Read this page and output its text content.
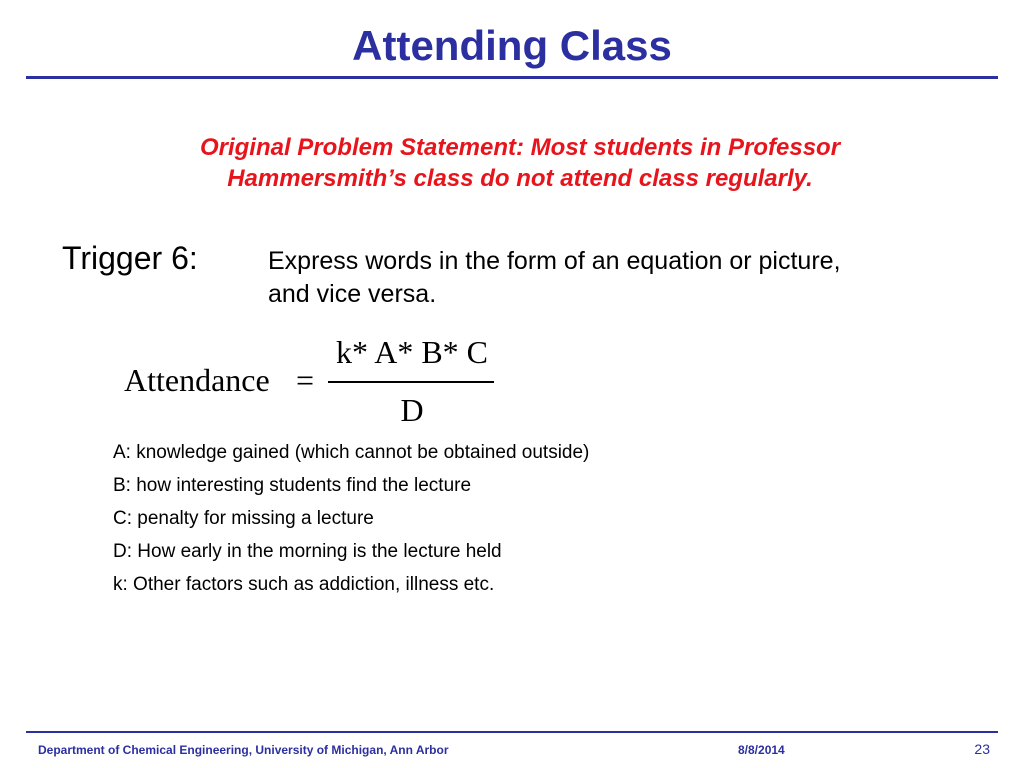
Attending Class

Original Problem Statement: Most students in Professor
Hammersmith’s class do not attend class regularly.

Trigger 6:	Express words in the form of an equation or picture,
and vice versa.
Attendance =
k* A* B* C
D
A: knowledge gained (which cannot be obtained outside)
B: how interesting students find the lecture
C: penalty for missing a lecture
D: How early in the morning is the lecture held
k: Other factors such as addiction, illness etc.
Department of Chemical Engineering, University of Michigan, Ann Arbor	8/8/2014	23
